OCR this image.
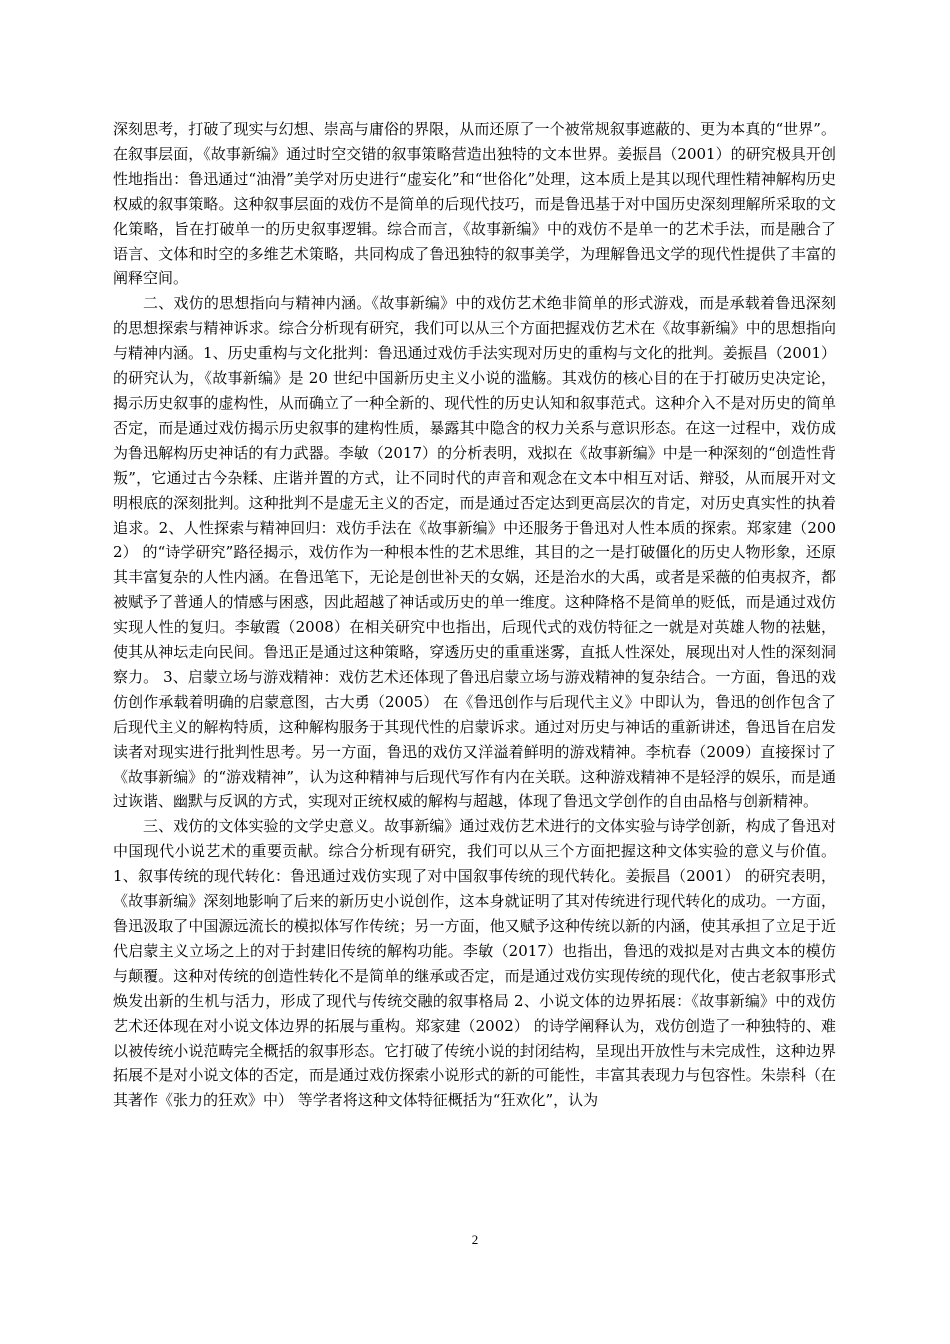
深刻思考，打破了现实与幻想、崇高与庸俗的界限，从而还原了一个被常规叙事遮蔽的、更为本真的“世界”。在叙事层面，《故事新编》通过时空交错的叙事策略营造出独特的文本世界。姜振昌（2001）的研究极具开创性地指出：鲁迅通过“油滑”美学对历史进行“虚妄化”和“世俗化”处理，这本质上是其以现代理性精神解构历史权威的叙事策略。这种叙事层面的戏仿不是简单的后现代技巧，而是鲁迅基于对中国历史深刻理解所采取的文化策略，旨在打破单一的历史叙事逻辑。综合而言，《故事新编》中的戏仿不是单一的艺术手法，而是融合了语言、文体和时空的多维艺术策略，共同构成了鲁迅独特的叙事美学，为理解鲁迅文学的现代性提供了丰富的阐释空间。

二、戏仿的思想指向与精神内涵。《故事新编》中的戏仿艺术绝非简单的形式游戏，而是承载着鲁迅深刻的思想探索与精神诉求。综合分析现有研究，我们可以从三个方面把握戏仿艺术在《故事新编》中的思想指向与精神内涵。1、历史重构与文化批判：鲁迅通过戏仿手法实现对历史的重构与文化的批判。姜振昌（2001）的研究认为，《故事新编》是 20 世纪中国新历史主义小说的滥觞。其戏仿的核心目的在于打破历史决定论，揭示历史叙事的虚构性，从而确立了一种全新的、现代性的历史认知和叙事范式。这种介入不是对历史的简单否定，而是通过戏仿揭示历史叙事的建构性质，暴露其中隐含的权力关系与意识形态。在这一过程中，戏仿成为鲁迅解构历史神话的有力武器。李敏（2017）的分析表明，戏拟在《故事新编》中是一种深刻的“创造性背叛”，它通过古今杂糅、庄谐并置的方式，让不同时代的声音和观念在文本中相互对话、辩驳，从而展开对文明根底的深刻批判。这种批判不是虚无主义的否定，而是通过否定达到更高层次的肯定，对历史真实性的执着追求。2、人性探索与精神回归：戏仿手法在《故事新编》中还服务于鲁迅对人性本质的探索。郑家建（2002） 的“诗学研究”路径揭示，戏仿作为一种根本性的艺术思维，其目的之一是打破僵化的历史人物形象，还原其丰富复杂的人性内涵。在鲁迅笔下，无论是创世补天的女娲，还是治水的大禹，或者是采薇的伯夷叔齐，都被赋予了普通人的情感与困惑，因此超越了神话或历史的单一维度。这种降格不是简单的贬低，而是通过戏仿实现人性的复归。李敏霞（2008）在相关研究中也指出，后现代式的戏仿特征之一就是对英雄人物的祛魅，使其从神坛走向民间。鲁迅正是通过这种策略，穿透历史的重重迷雾，直抵人性深处，展现出对人性的深刻洞察力。 3、启蒙立场与游戏精神：戏仿艺术还体现了鲁迅启蒙立场与游戏精神的复杂结合。一方面，鲁迅的戏仿创作承载着明确的启蒙意图，古大勇（2005） 在《鲁迅创作与后现代主义》中即认为，鲁迅的创作包含了后现代主义的解构特质，这种解构服务于其现代性的启蒙诉求。通过对历史与神话的重新讲述，鲁迅旨在启发读者对现实进行批判性思考。另一方面，鲁迅的戏仿又洋溢着鲜明的游戏精神。李杭春（2009）直接探讨了《故事新编》的“游戏精神”，认为这种精神与后现代写作有内在关联。这种游戏精神不是轻浮的娱乐，而是通过诙谐、幽默与反讽的方式，实现对正统权威的解构与超越，体现了鲁迅文学创作的自由品格与创新精神。

三、戏仿的文体实验的文学史意义。故事新编》通过戏仿艺术进行的文体实验与诗学创新，构成了鲁迅对中国现代小说艺术的重要贡献。综合分析现有研究，我们可以从三个方面把握这种文体实验的意义与价值。1、叙事传统的现代转化：鲁迅通过戏仿实现了对中国叙事传统的现代转化。姜振昌（2001） 的研究表明，《故事新编》深刻地影响了后来的新历史小说创作，这本身就证明了其对传统进行现代转化的成功。一方面，鲁迅汲取了中国源远流长的模拟体写作传统；另一方面，他又赋予这种传统以新的内涵，使其承担了立足于近代启蒙主义立场之上的对于封建旧传统的解构功能。李敏（2017）也指出，鲁迅的戏拟是对古典文本的模仿与颠覆。这种对传统的创造性转化不是简单的继承或否定，而是通过戏仿实现传统的现代化，使古老叙事形式焕发出新的生机与活力，形成了现代与传统交融的叙事格局 2、小说文体的边界拓展：《故事新编》中的戏仿艺术还体现在对小说文体边界的拓展与重构。郑家建（2002） 的诗学阐释认为，戏仿创造了一种独特的、难以被传统小说范畴完全概括的叙事形态。它打破了传统小说的封闭结构，呈现出开放性与未完成性，这种边界拓展不是对小说文体的否定，而是通过戏仿探索小说形式的新的可能性，丰富其表现力与包容性。朱崇科（在其著作《张力的狂欢》中） 等学者将这种文体特征概括为“狂欢化”，认为

2
